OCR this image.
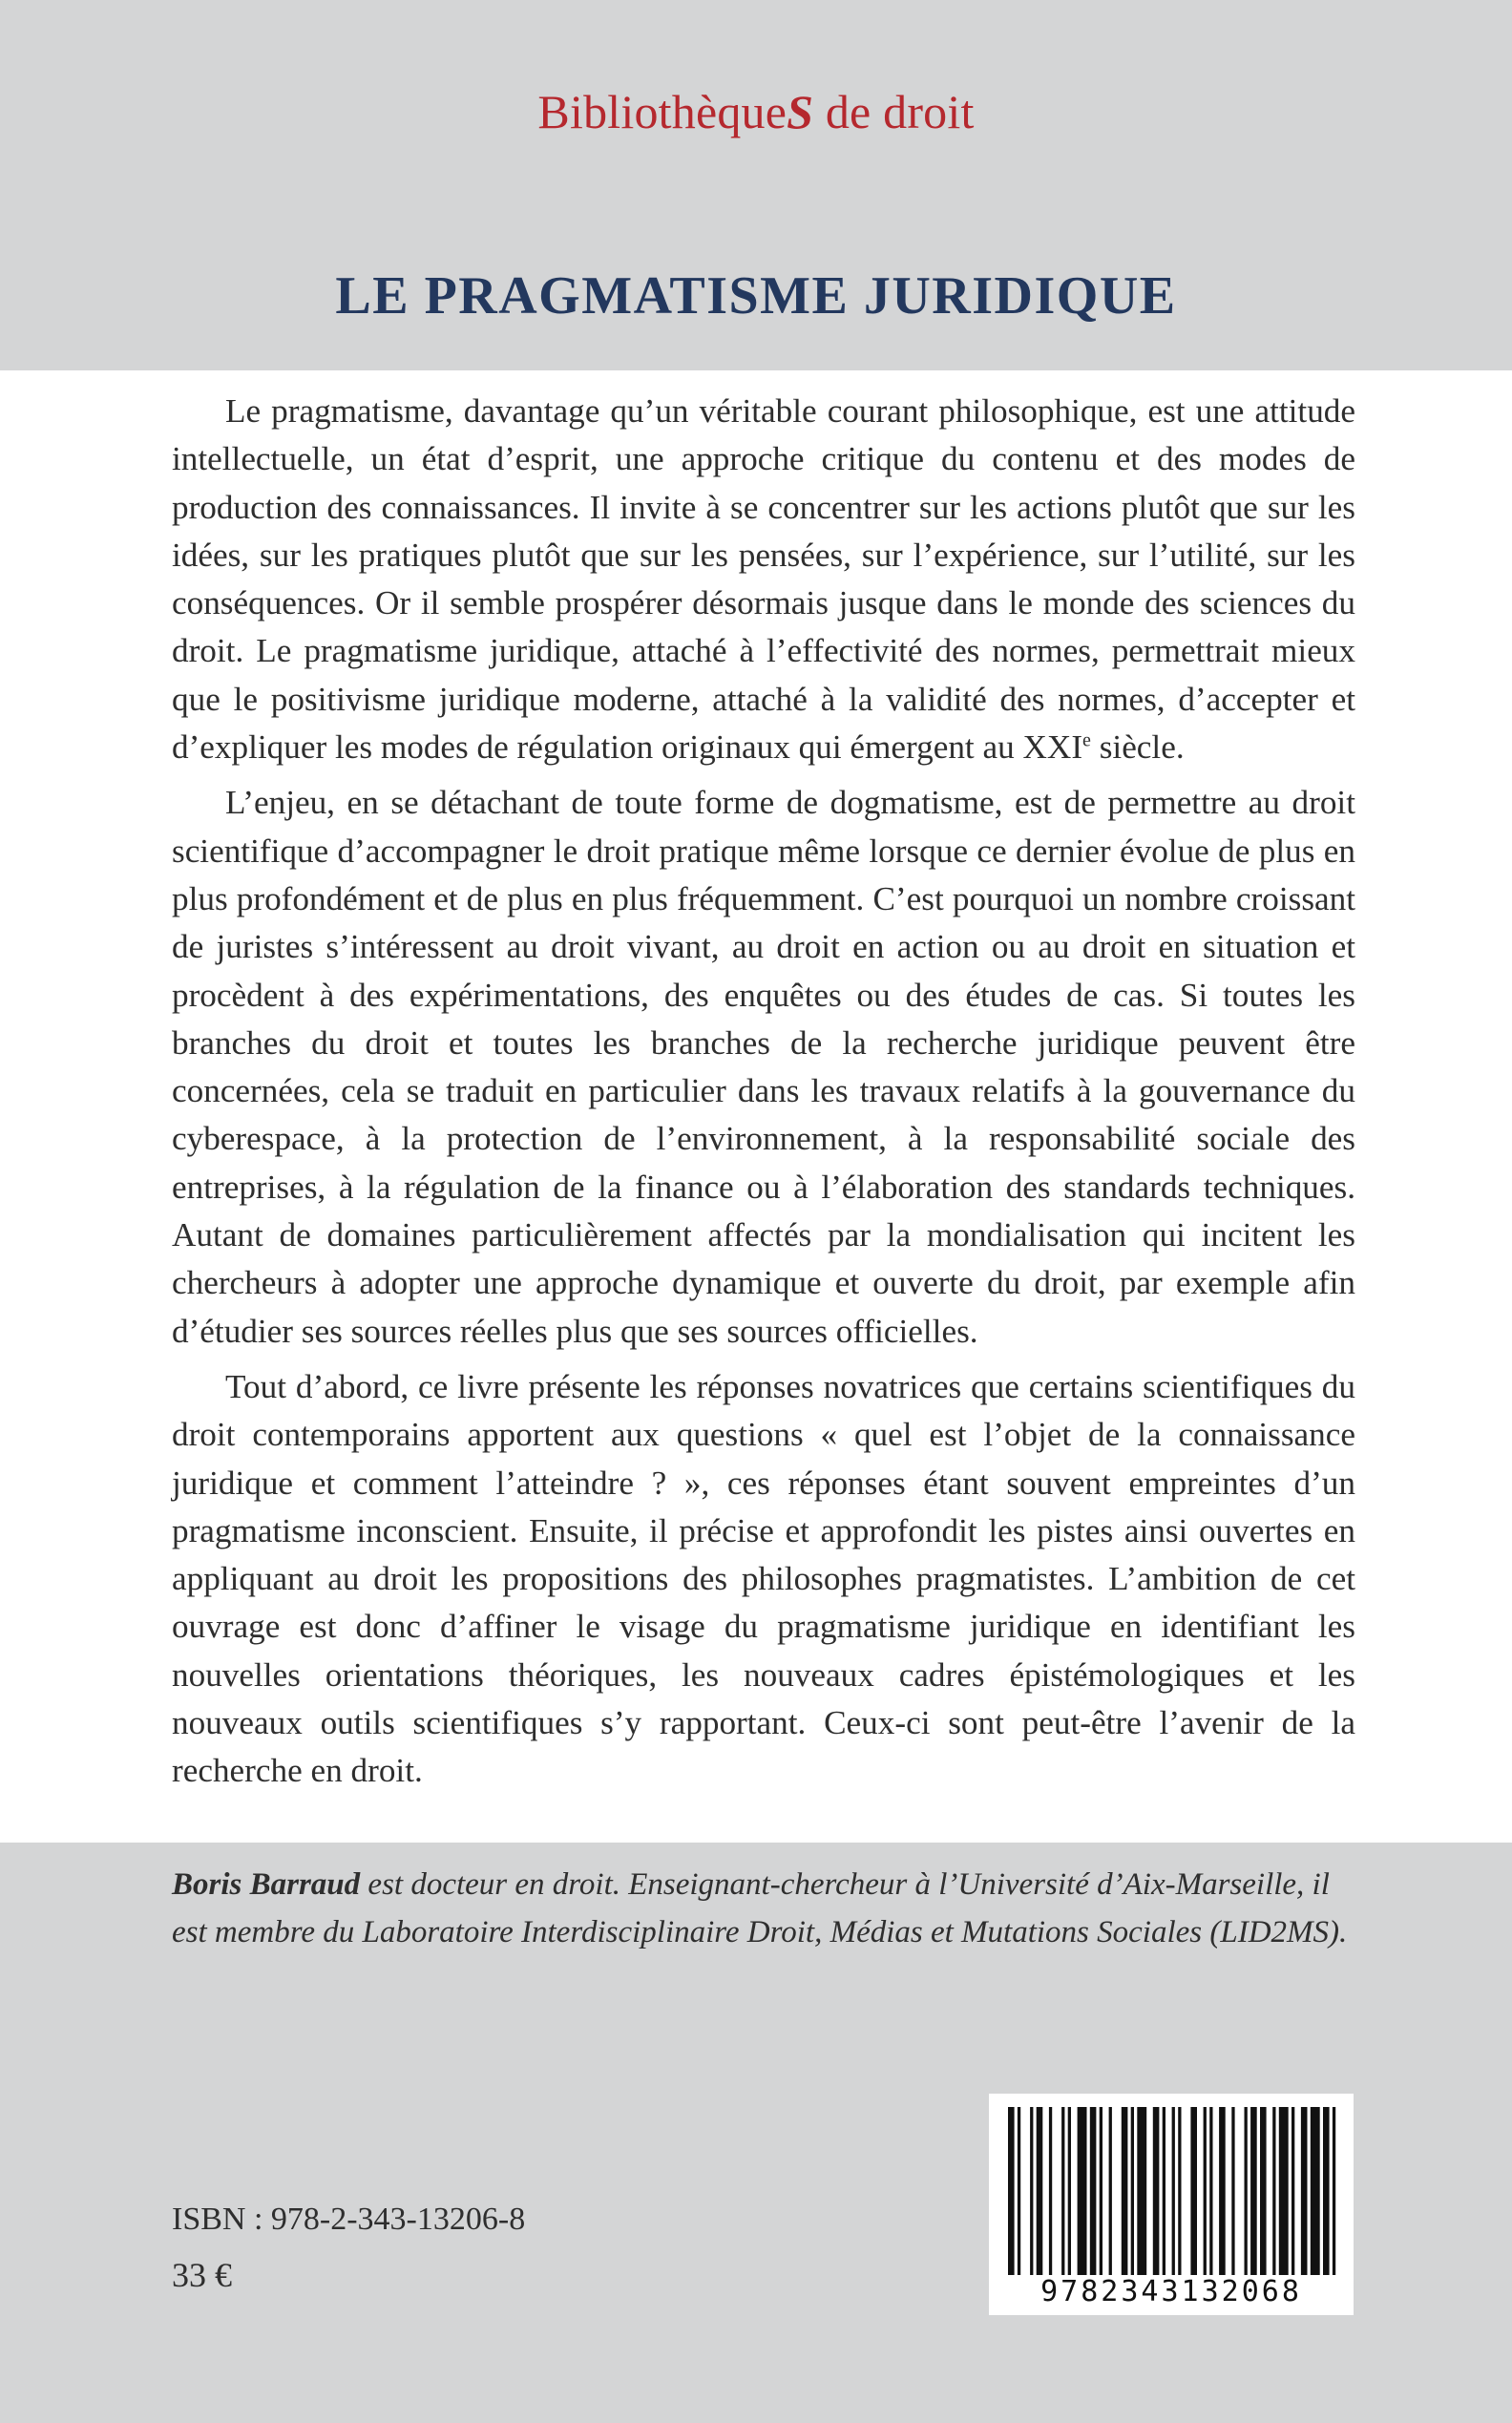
BibliothèqueS de droit
LE PRAGMATISME JURIDIQUE

Le pragmatisme, davantage qu’un véritable courant philosophique, est une attitude intellectuelle, un état d’esprit, une approche critique du contenu et des modes de production des connaissances. Il invite à se concentrer sur les actions plutôt que sur les idées, sur les pratiques plutôt que sur les pensées, sur l’expérience, sur l’utilité, sur les conséquences. Or il semble prospérer désormais jusque dans le monde des sciences du droit. Le pragmatisme juridique, attaché à l’effectivité des normes, permettrait mieux que le positivisme juridique moderne, attaché à la validité des normes, d’accepter et d’expliquer les modes de régulation originaux qui émergent au XXIe siècle.

L’enjeu, en se détachant de toute forme de dogmatisme, est de permettre au droit scientifique d’accompagner le droit pratique même lorsque ce dernier évolue de plus en plus profondément et de plus en plus fréquemment. C’est pourquoi un nombre croissant de juristes s’intéressent au droit vivant, au droit en action ou au droit en situation et procèdent à des expérimentations, des enquêtes ou des études de cas. Si toutes les branches du droit et toutes les branches de la recherche juridique peuvent être concernées, cela se traduit en particulier dans les travaux relatifs à la gouvernance du cyberespace, à la protection de l’environnement, à la responsabilité sociale des entreprises, à la régulation de la finance ou à l’élaboration des standards techniques. Autant de domaines particulièrement affectés par la mondialisation qui incitent les chercheurs à adopter une approche dynamique et ouverte du droit, par exemple afin d’étudier ses sources réelles plus que ses sources officielles.

Tout d’abord, ce livre présente les réponses novatrices que certains scientifiques du droit contemporains apportent aux questions « quel est l’objet de la connaissance juridique et comment l’atteindre ? », ces réponses étant souvent empreintes d’un pragmatisme inconscient. Ensuite, il précise et approfondit les pistes ainsi ouvertes en appliquant au droit les propositions des philosophes pragmatistes. L’ambition de cet ouvrage est donc d’affiner le visage du pragmatisme juridique en identifiant les nouvelles orientations théoriques, les nouveaux cadres épistémologiques et les nouveaux outils scientifiques s’y rapportant. Ceux-ci sont peut-être l’avenir de la recherche en droit.

Boris Barraud est docteur en droit. Enseignant-chercheur à l’Université d’Aix-Marseille, il est membre du Laboratoire Interdisciplinaire Droit, Médias et Mutations Sociales (LID2MS).
ISBN : 978-2-343-13206-8
33 €	9782343132068
